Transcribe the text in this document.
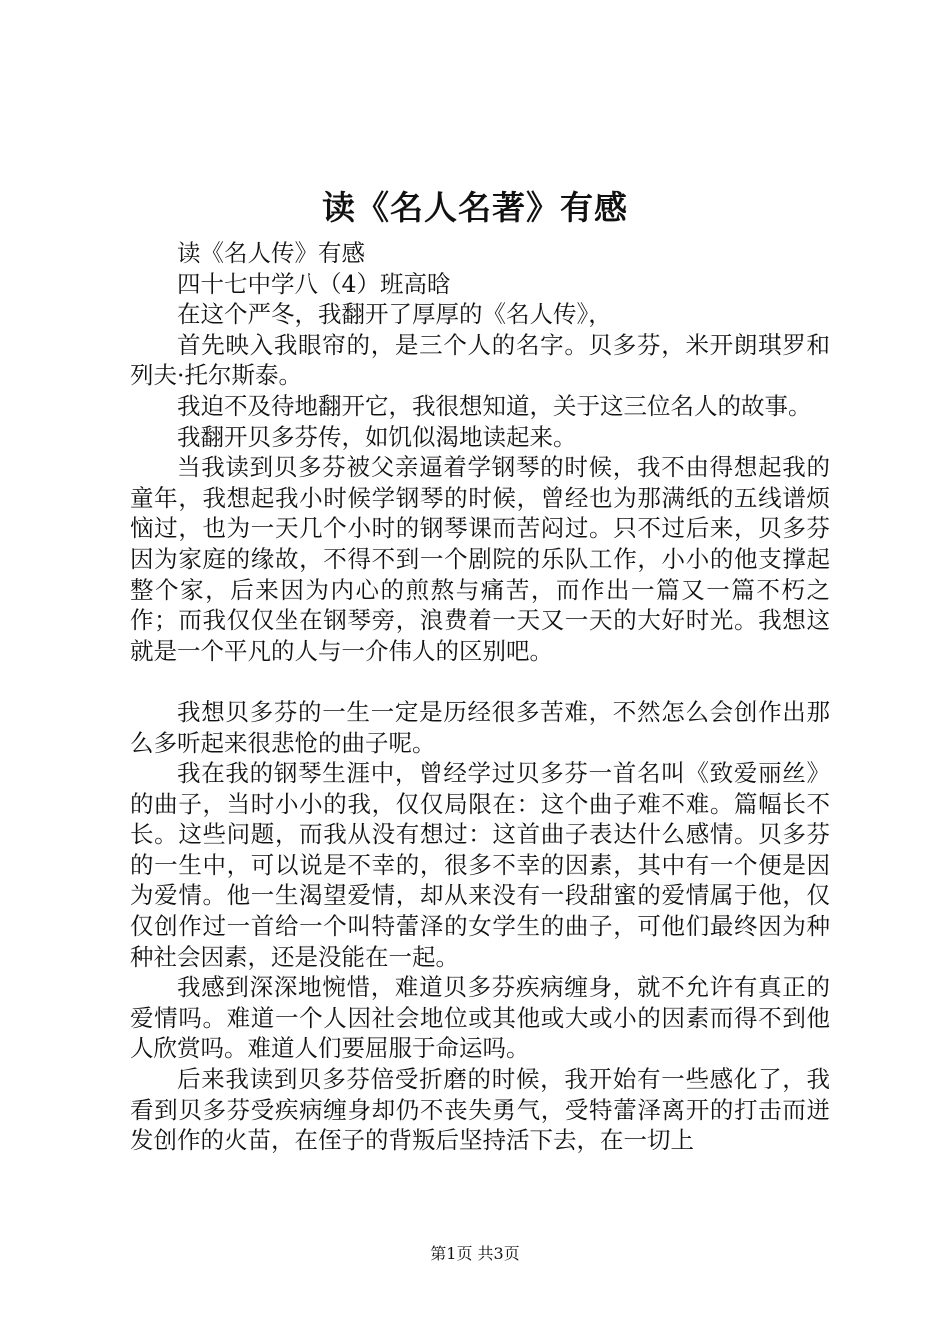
读《名人名著》有感

读《名人传》有感

四十七中学八（4）班高晗

在这个严冬，我翻开了厚厚的《名人传》，

首先映入我眼帘的，是三个人的名字。贝多芬，米开朗琪罗和列夫·托尔斯泰。

我迫不及待地翻开它，我很想知道，关于这三位名人的故事。

我翻开贝多芬传，如饥似渴地读起来。

当我读到贝多芬被父亲逼着学钢琴的时候，我不由得想起我的童年，我想起我小时候学钢琴的时候，曾经也为那满纸的五线谱烦恼过，也为一天几个小时的钢琴课而苦闷过。只不过后来，贝多芬因为家庭的缘故，不得不到一个剧院的乐队工作，小小的他支撑起整个家，后来因为内心的煎熬与痛苦，而作出一篇又一篇不朽之作；而我仅仅坐在钢琴旁，浪费着一天又一天的大好时光。我想这就是一个平凡的人与一介伟人的区别吧。

我想贝多芬的一生一定是历经很多苦难，不然怎么会创作出那么多听起来很悲怆的曲子呢。

我在我的钢琴生涯中，曾经学过贝多芬一首名叫《致爱丽丝》的曲子，当时小小的我，仅仅局限在：这个曲子难不难。篇幅长不长。这些问题，而我从没有想过：这首曲子表达什么感情。贝多芬的一生中，可以说是不幸的，很多不幸的因素，其中有一个便是因为爱情。他一生渴望爱情，却从来没有一段甜蜜的爱情属于他，仅仅创作过一首给一个叫特蕾泽的女学生的曲子，可他们最终因为种种社会因素，还是没能在一起。

我感到深深地惋惜，难道贝多芬疾病缠身，就不允许有真正的爱情吗。难道一个人因社会地位或其他或大或小的因素而得不到他人欣赏吗。难道人们要屈服于命运吗。

后来我读到贝多芬倍受折磨的时候，我开始有一些感化了，我看到贝多芬受疾病缠身却仍不丧失勇气，受特蕾泽离开的打击而迸发创作的火苗，在侄子的背叛后坚持活下去，在一切上

第1页 共3页
